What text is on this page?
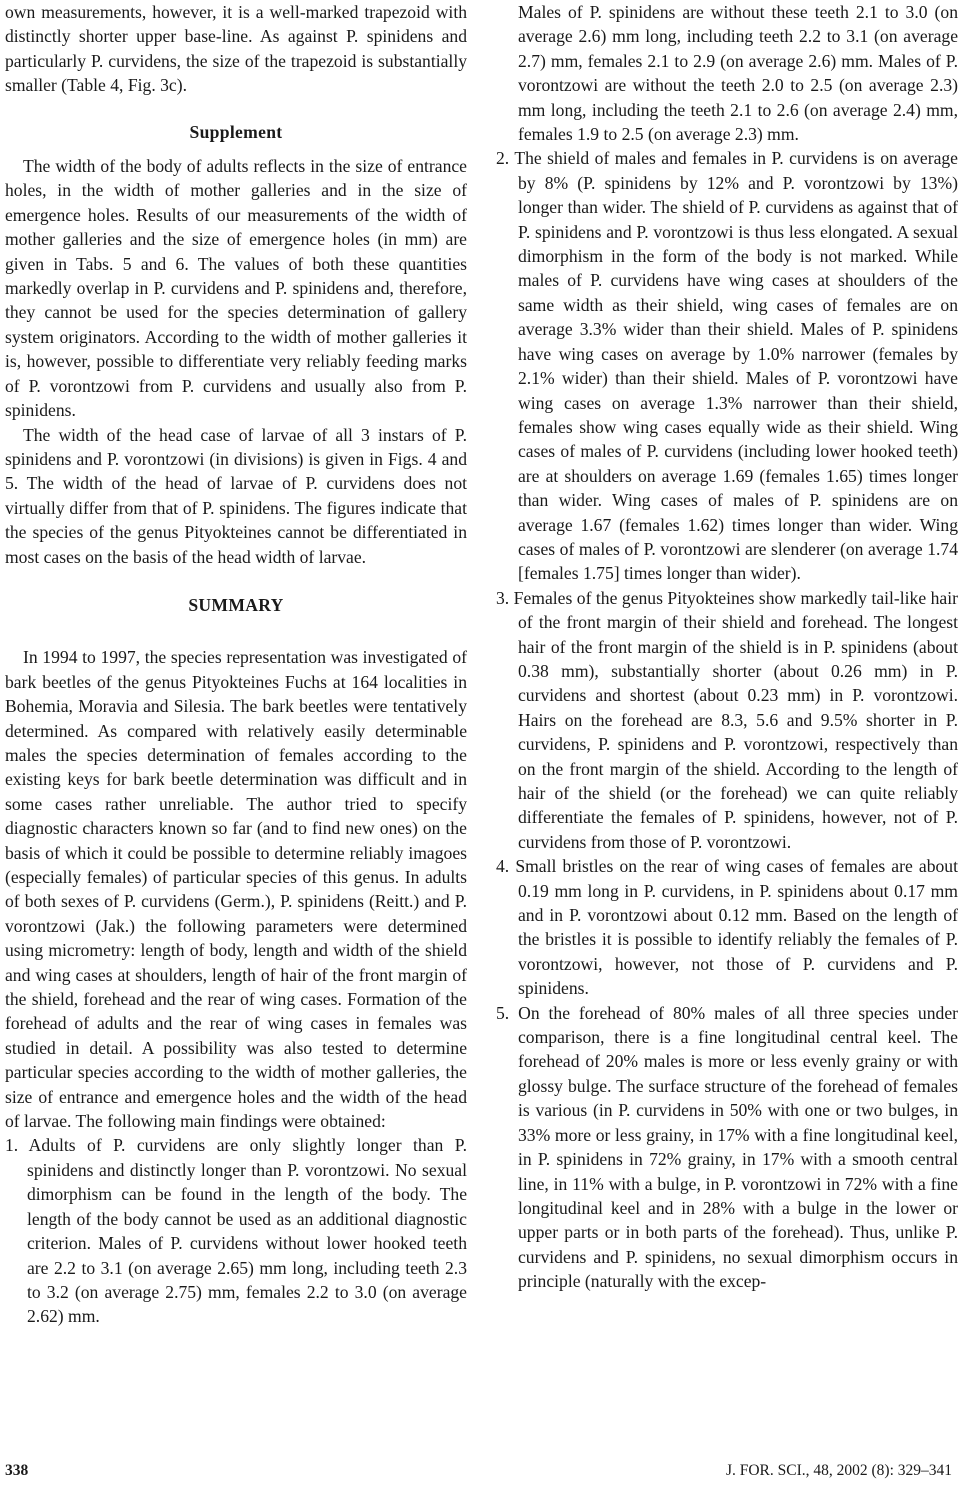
own measurements, however, it is a well-marked trapezoid with distinctly shorter upper base-line. As against P. spinidens and particularly P. curvidens, the size of the trapezoid is substantially smaller (Table 4, Fig. 3c).

Supplement

The width of the body of adults reflects in the size of entrance holes, in the width of mother galleries and in the size of emergence holes. Results of our measurements of the width of mother galleries and the size of emergence holes (in mm) are given in Tabs. 5 and 6. The values of both these quantities markedly overlap in P. curvidens and P. spinidens and, therefore, they cannot be used for the species determination of gallery system originators. According to the width of mother galleries it is, however, possible to differentiate very reliably feeding marks of P. vorontzowi from P. curvidens and usually also from P. spinidens.

The width of the head case of larvae of all 3 instars of P. spinidens and P. vorontzowi (in divisions) is given in Figs. 4 and 5. The width of the head of larvae of P. curvidens does not virtually differ from that of P. spinidens. The figures indicate that the species of the genus Pityokteines cannot be differentiated in most cases on the basis of the head width of larvae.

SUMMARY

In 1994 to 1997, the species representation was investigated of bark beetles of the genus Pityokteines Fuchs at 164 localities in Bohemia, Moravia and Silesia. The bark beetles were tentatively determined. As compared with relatively easily determinable males the species determination of females according to the existing keys for bark beetle determination was difficult and in some cases rather unreliable. The author tried to specify diagnostic characters known so far (and to find new ones) on the basis of which it could be possible to determine reliably imagoes (especially females) of particular species of this genus. In adults of both sexes of P. curvidens (Germ.), P. spinidens (Reitt.) and P. vorontzowi (Jak.) the following parameters were determined using micrometry: length of body, length and width of the shield and wing cases at shoulders, length of hair of the front margin of the shield, forehead and the rear of wing cases. Formation of the forehead of adults and the rear of wing cases in females was studied in detail. A possibility was also tested to determine particular species according to the width of mother galleries, the size of entrance and emergence holes and the width of the head of larvae. The following main findings were obtained:

1. Adults of P. curvidens are only slightly longer than P. spinidens and distinctly longer than P. vorontzowi. No sexual dimorphism can be found in the length of the body. The length of the body cannot be used as an additional diagnostic criterion. Males of P. curvidens without lower hooked teeth are 2.2 to 3.1 (on average 2.65) mm long, including teeth 2.3 to 3.2 (on average 2.75) mm, females 2.2 to 3.0 (on average 2.62) mm.

Males of P. spinidens are without these teeth 2.1 to 3.0 (on average 2.6) mm long, including teeth 2.2 to 3.1 (on average 2.7) mm, females 2.1 to 2.9 (on average 2.6) mm. Males of P. vorontzowi are without the teeth 2.0 to 2.5 (on average 2.3) mm long, including the teeth 2.1 to 2.6 (on average 2.4) mm, females 1.9 to 2.5 (on average 2.3) mm.

2. The shield of males and females in P. curvidens is on average by 8% (P. spinidens by 12% and P. vorontzowi by 13%) longer than wider. The shield of P. curvidens as against that of P. spinidens and P. vorontzowi is thus less elongated. A sexual dimorphism in the form of the body is not marked. While males of P. curvidens have wing cases at shoulders of the same width as their shield, wing cases of females are on average 3.3% wider than their shield. Males of P. spinidens have wing cases on average by 1.0% narrower (females by 2.1% wider) than their shield. Males of P. vorontzowi have wing cases on average 1.3% narrower than their shield, females show wing cases equally wide as their shield. Wing cases of males of P. curvidens (including lower hooked teeth) are at shoulders on average 1.69 (females 1.65) times longer than wider. Wing cases of males of P. spinidens are on average 1.67 (females 1.62) times longer than wider. Wing cases of males of P. vorontzowi are slenderer (on average 1.74 [females 1.75] times longer than wider).

3. Females of the genus Pityokteines show markedly tail-like hair of the front margin of their shield and forehead. The longest hair of the front margin of the shield is in P. spinidens (about 0.38 mm), substantially shorter (about 0.26 mm) in P. curvidens and shortest (about 0.23 mm) in P. vorontzowi. Hairs on the forehead are 8.3, 5.6 and 9.5% shorter in P. curvidens, P. spinidens and P. vorontzowi, respectively than on the front margin of the shield. According to the length of hair of the shield (or the forehead) we can quite reliably differentiate the females of P. spinidens, however, not of P. curvidens from those of P. vorontzowi.

4. Small bristles on the rear of wing cases of females are about 0.19 mm long in P. curvidens, in P. spinidens about 0.17 mm and in P. vorontzowi about 0.12 mm. Based on the length of the bristles it is possible to identify reliably the females of P. vorontzowi, however, not those of P. curvidens and P. spinidens.

5. On the forehead of 80% males of all three species under comparison, there is a fine longitudinal central keel. The forehead of 20% males is more or less evenly grainy or with glossy bulge. The surface structure of the forehead of females is various (in P. curvidens in 50% with one or two bulges, in 33% more or less grainy, in 17% with a fine longitudinal keel, in P. spinidens in 72% grainy, in 17% with a smooth central line, in 11% with a bulge, in P. vorontzowi in 72% with a fine longitudinal keel and in 28% with a bulge in the lower or upper parts or in both parts of the forehead). Thus, unlike P. curvidens and P. spinidens, no sexual dimorphism occurs in principle (naturally with the excep-

338	J. FOR. SCI., 48, 2002 (8): 329–341
